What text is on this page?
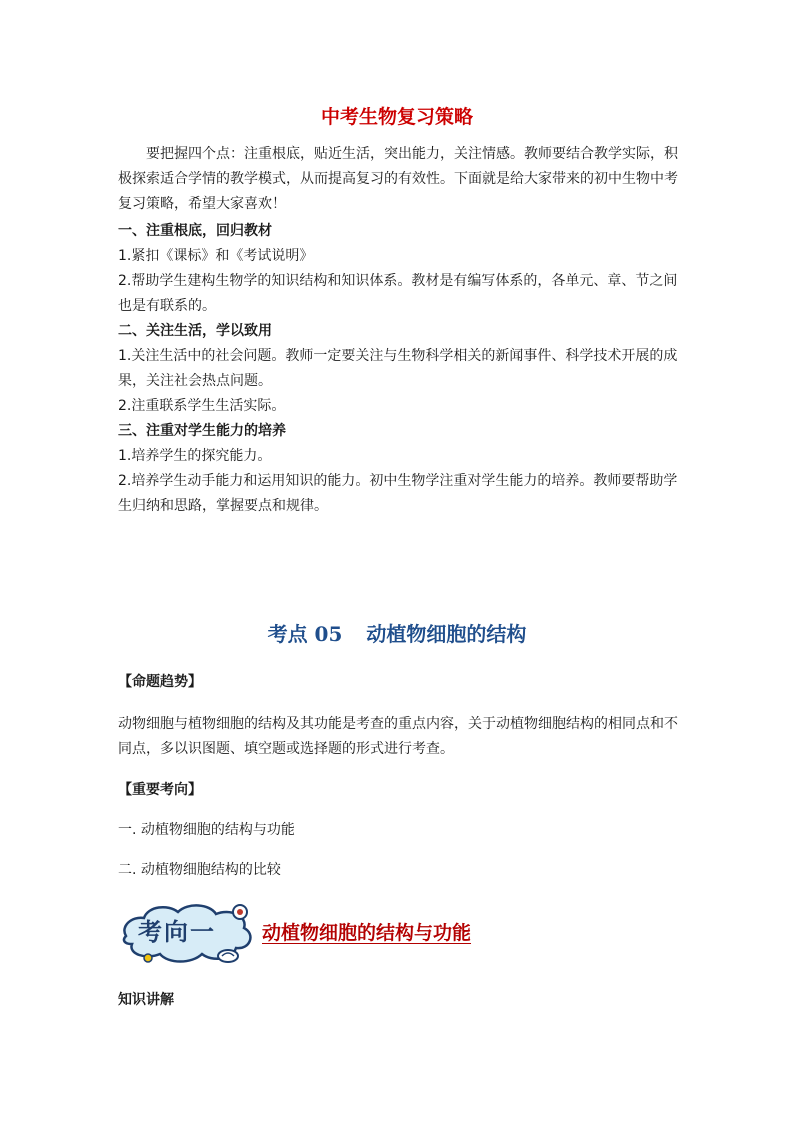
中考生物复习策略

要把握四个点：注重根底，贴近生活，突出能力，关注情感。教师要结合教学实际，积极探索适合学情的教学模式，从而提高复习的有效性。下面就是给大家带来的初中生物中考复习策略，希望大家喜欢！

一、注重根底，回归教材

1.紧扣《课标》和《考试说明》

2.帮助学生建构生物学的知识结构和知识体系。教材是有编写体系的，各单元、章、节之间也是有联系的。

二、关注生活，学以致用

1.关注生活中的社会问题。教师一定要关注与生物科学相关的新闻事件、科学技术开展的成果，关注社会热点问题。

2.注重联系学生生活实际。

三、注重对学生能力的培养

1.培养学生的探究能力。

2.培养学生动手能力和运用知识的能力。初中生物学注重对学生能力的培养。教师要帮助学生归纳和思路，掌握要点和规律。

考点 05 动植物细胞的结构
【命题趋势】
动物细胞与植物细胞的结构及其功能是考查的重点内容，关于动植物细胞结构的相同点和不同点，多以识图题、填空题或选择题的形式进行考查。
【重要考向】
一. 动植物细胞的结构与功能
二. 动植物细胞结构的比较
考向一 动植物细胞的结构与功能
知识讲解
